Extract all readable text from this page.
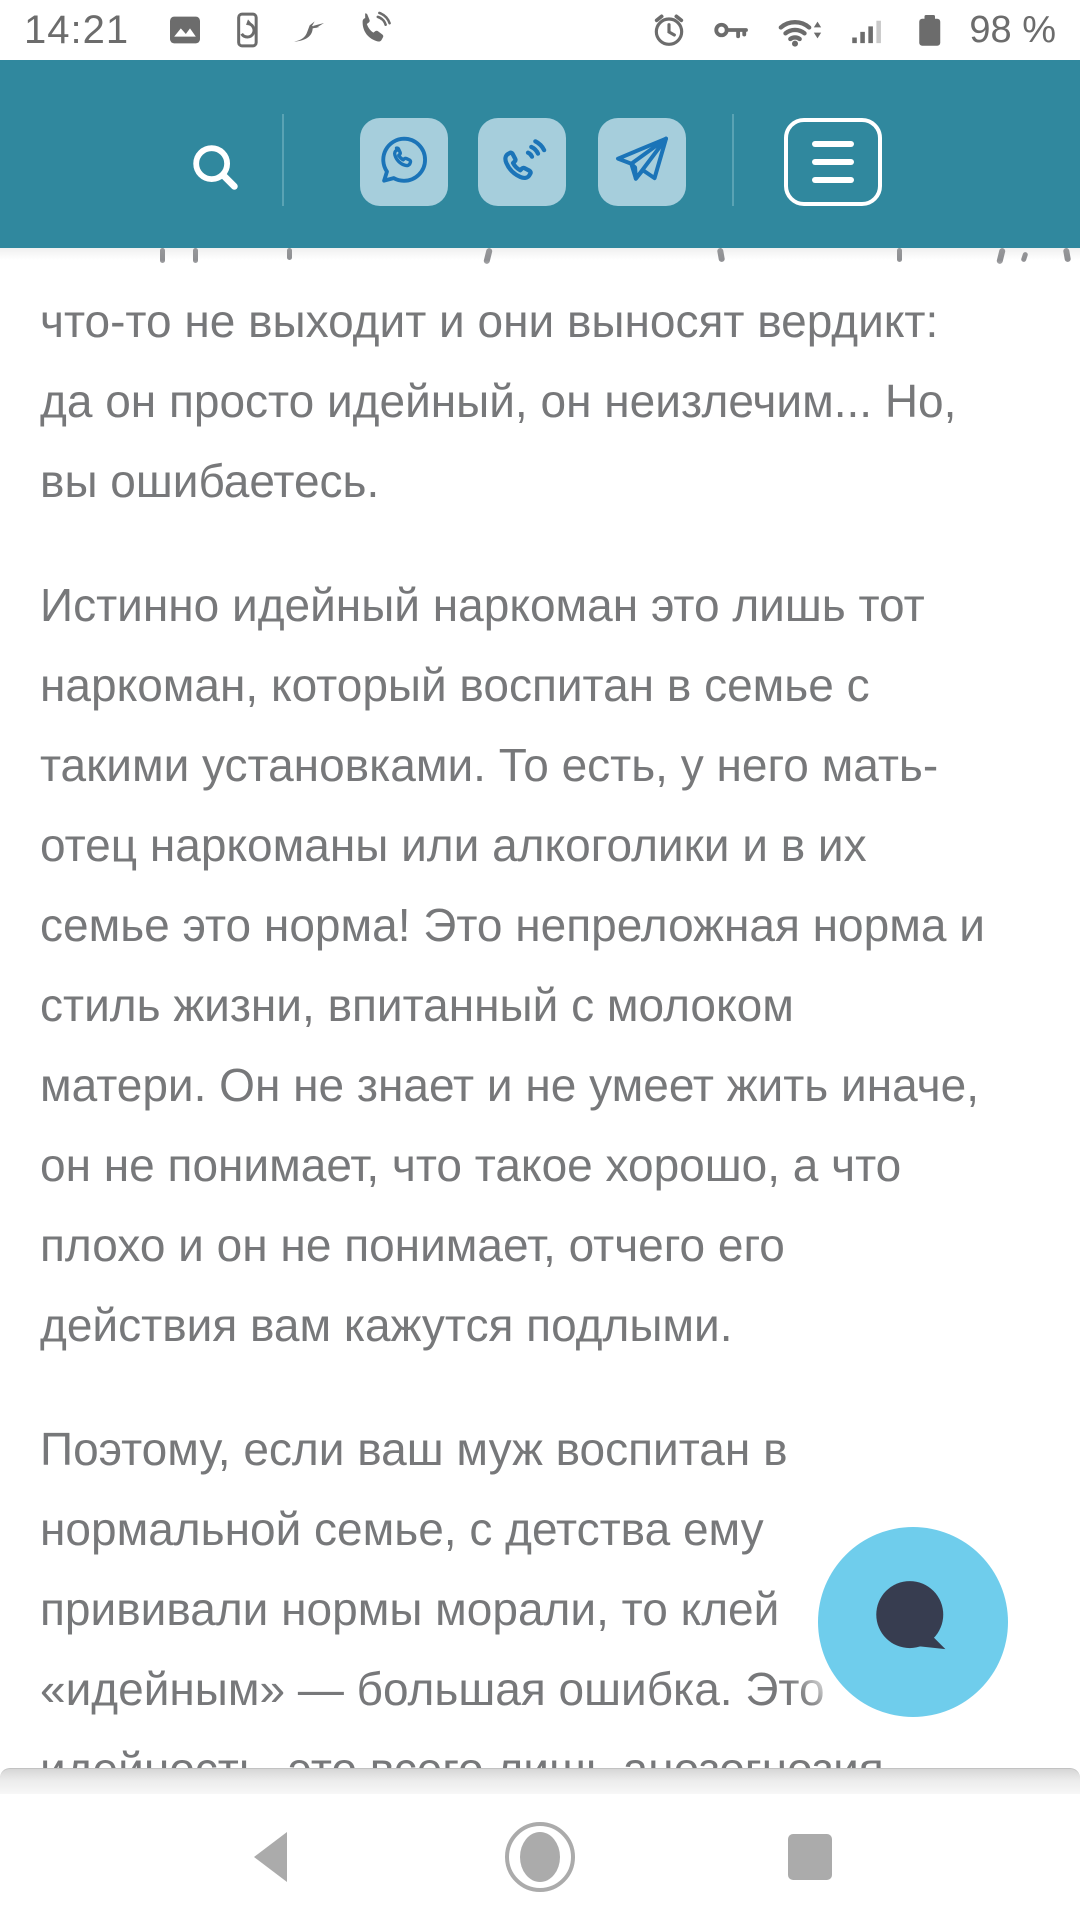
14:21	98 %

что-то не выходит и они выносят вердикт:
да он просто идейный, он неизлечим... Но,
вы ошибаетесь.

Истинно идейный наркоман это лишь тот
наркоман, который воспитан в семье с
такими установками. То есть, у него мать-
отец наркоманы или алкоголики и в их
семье это норма! Это непреложная норма и
стиль жизни, впитанный с молоком
матери. Он не знает и не умеет жить иначе,
он не понимает, что такое хорошо, а что
плохо и он не понимает, отчего его
действия вам кажутся подлыми.

Поэтому, если ваш муж воспитан в
нормальной семье, с детства ему
прививали нормы морали, то клей
«идейным» — большая ошибка. Это
